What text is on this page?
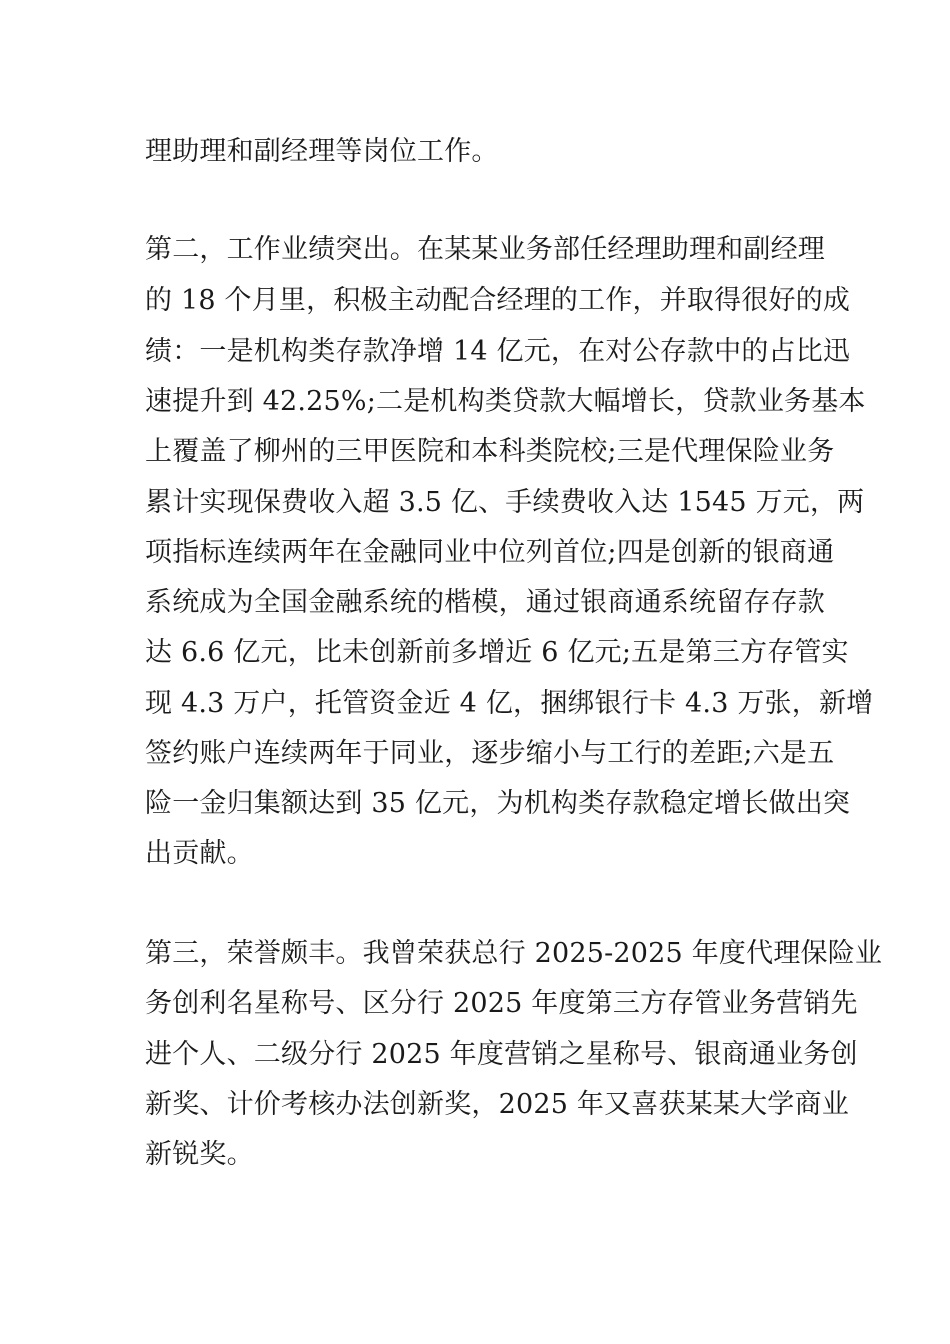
理助理和副经理等岗位工作。
第二，工作业绩突出。在某某业务部任经理助理和副经理
的 18 个月里，积极主动配合经理的工作，并取得很好的成
绩：一是机构类存款净增 14 亿元，在对公存款中的占比迅
速提升到 42.25%;二是机构类贷款大幅增长，贷款业务基本
上覆盖了柳州的三甲医院和本科类院校;三是代理保险业务
累计实现保费收入超 3.5 亿、手续费收入达 1545 万元，两
项指标连续两年在金融同业中位列首位;四是创新的银商通
系统成为全国金融系统的楷模，通过银商通系统留存存款
达 6.6 亿元，比未创新前多增近 6 亿元;五是第三方存管实
现 4.3 万户，托管资金近 4 亿，捆绑银行卡 4.3 万张，新增
签约账户连续两年于同业，逐步缩小与工行的差距;六是五
险一金归集额达到 35 亿元，为机构类存款稳定增长做出突
出贡献。
第三，荣誉颇丰。我曾荣获总行 2025-2025 年度代理保险业
务创利名星称号、区分行 2025 年度第三方存管业务营销先
进个人、二级分行 2025 年度营销之星称号、银商通业务创
新奖、计价考核办法创新奖，2025 年又喜获某某大学商业
新锐奖。
